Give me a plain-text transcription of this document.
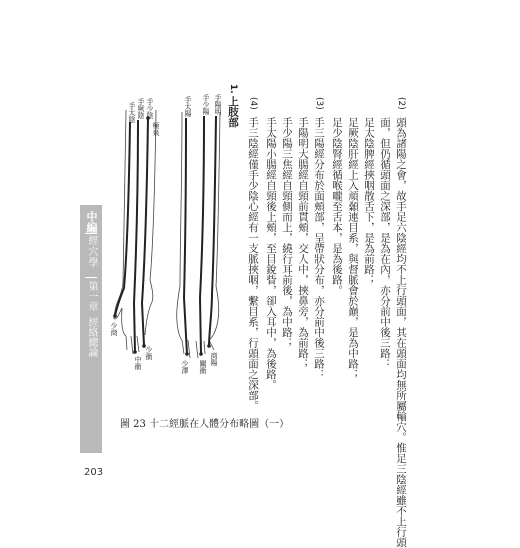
中編
經穴學
第一章
經絡總論
(2)
頭為諸陽之會，故手足六陰經均不上行頭面，其在頭面均無所屬輸穴。惟足三陰經雖不上行頭
面，但仍循頭面之深部，是為在內，亦分前中後三路：
足太陰脾經挾咽散舌下，是為前路；
足厥陰肝經上入頏顙連目系，與督脈會於巔，是為中路；
足少陰腎經循喉嚨至舌本，是為後路。
(3)
手三陽經分布於面頰部，呈帶狀分布，亦分前中後三路：
手陽明大腸經自頸前貫頰，交人中，挾鼻旁，為前路；
手少陽三焦經自頸側而上，繞行耳前後，為中路；
手太陽小腸經自頸後上頰，至目銳眥，卻入耳中，為後路。
(4)
手三陰經僅手少陰心經有一支脈挾咽，繫目系，行頭面之深部。
1.
上肢部
手少陰
手厥陰
手太陰
極泉
少衝
中衝
少商
手陽明
手少陽
手太陽
商陽
關衝
少澤
圖 23 十二經脈在人體分布略圖（一）
203
